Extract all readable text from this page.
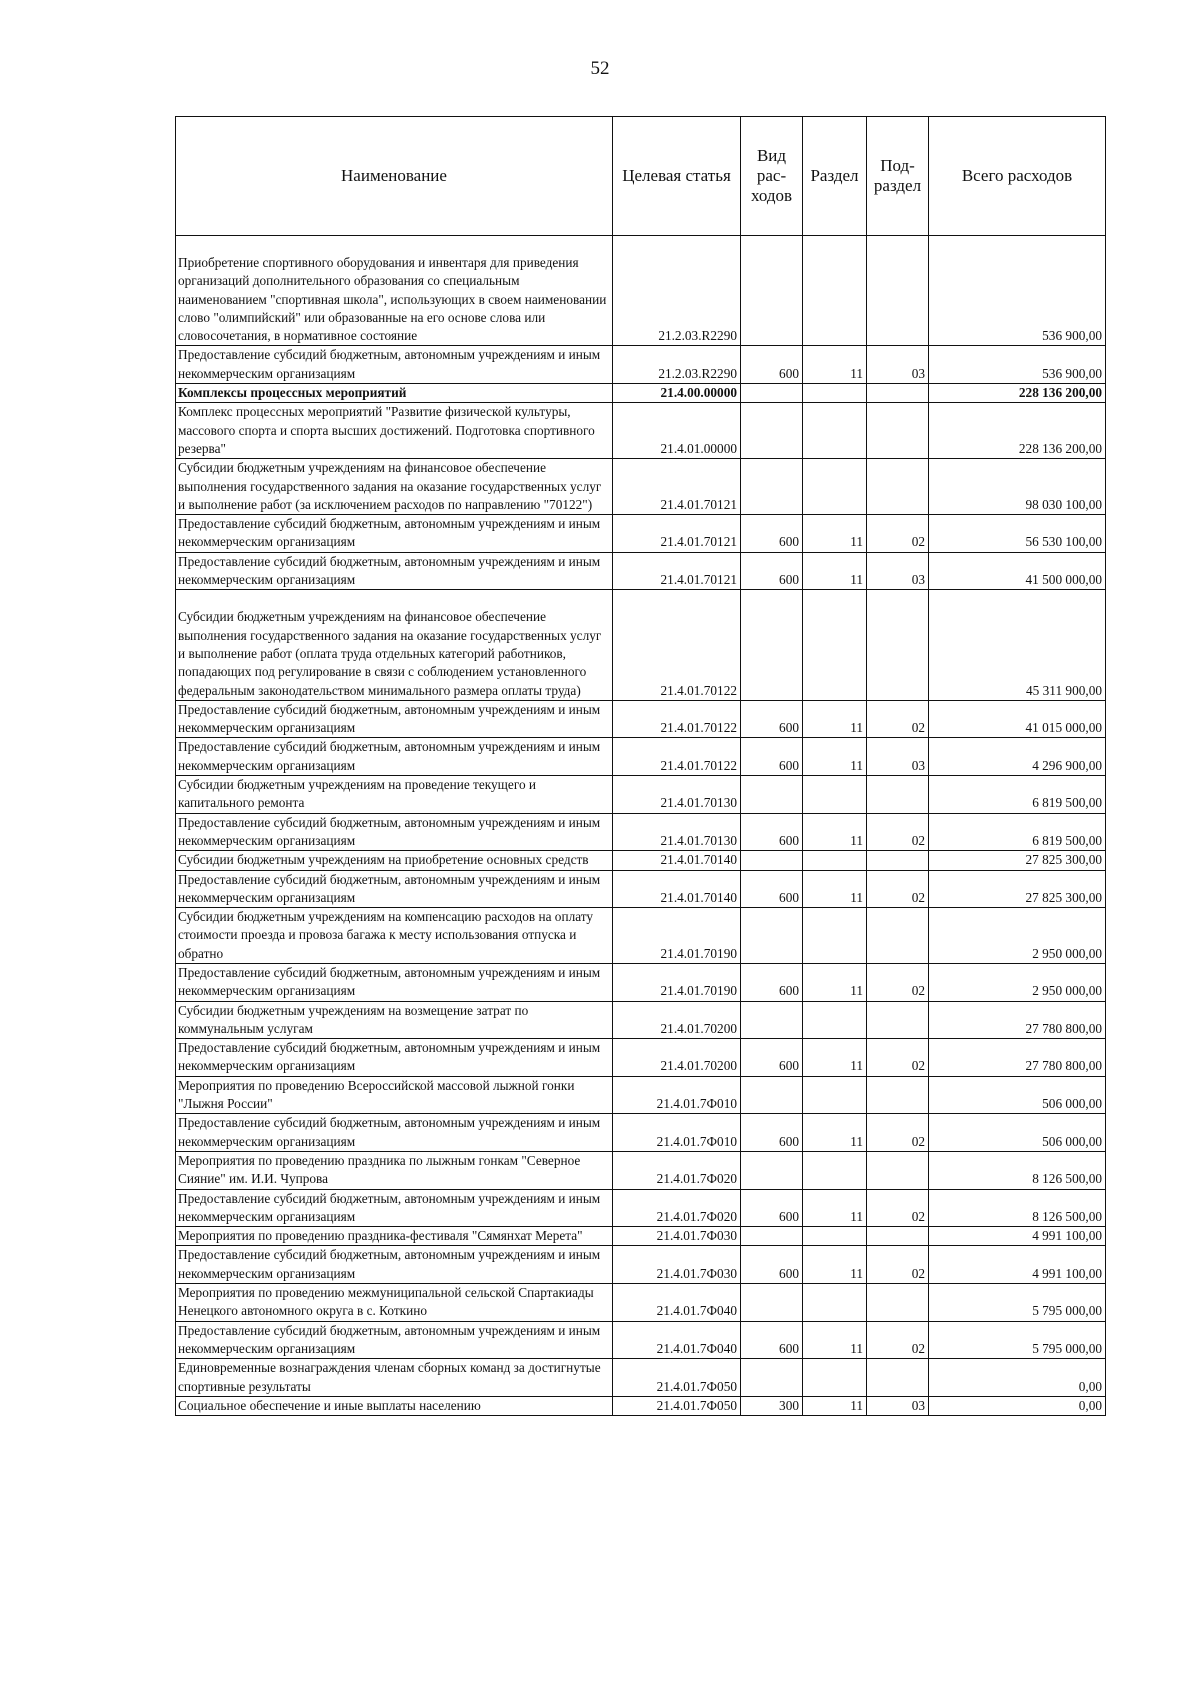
52
Наименование	Целевая статья	Вид рас-ходов	Раздел	Под-раздел	Всего расходов
Приобретение спортивного оборудования и инвентаря для приведения организаций дополнительного образования со специальным наименованием "спортивная школа", использующих в своем наименовании слово "олимпийский" или образованные на его основе слова или словосочетания, в нормативное состояние	21.2.03.R2290				536 900,00
Предоставление субсидий бюджетным, автономным учреждениям и иным некоммерческим организациям	21.2.03.R2290	600	11	03	536 900,00
Комплексы процессных мероприятий	21.4.00.00000				228 136 200,00
Комплекс процессных мероприятий "Развитие физической культуры, массового спорта и спорта высших достижений. Подготовка спортивного резерва"	21.4.01.00000				228 136 200,00
Субсидии бюджетным учреждениям на финансовое обеспечение выполнения государственного задания на оказание государственных услуг и выполнение работ (за исключением расходов по направлению "70122")	21.4.01.70121				98 030 100,00
Предоставление субсидий бюджетным, автономным учреждениям и иным некоммерческим организациям	21.4.01.70121	600	11	02	56 530 100,00
Предоставление субсидий бюджетным, автономным учреждениям и иным некоммерческим организациям	21.4.01.70121	600	11	03	41 500 000,00
Субсидии бюджетным учреждениям на финансовое обеспечение выполнения государственного задания на оказание государственных услуг и выполнение работ (оплата труда отдельных категорий работников, попадающих под регулирование в связи с соблюдением установленного федеральным законодательством минимального размера оплаты труда)	21.4.01.70122				45 311 900,00
Предоставление субсидий бюджетным, автономным учреждениям и иным некоммерческим организациям	21.4.01.70122	600	11	02	41 015 000,00
Предоставление субсидий бюджетным, автономным учреждениям и иным некоммерческим организациям	21.4.01.70122	600	11	03	4 296 900,00
Субсидии бюджетным учреждениям на проведение текущего и капитального ремонта	21.4.01.70130				6 819 500,00
Предоставление субсидий бюджетным, автономным учреждениям и иным некоммерческим организациям	21.4.01.70130	600	11	02	6 819 500,00
Субсидии бюджетным учреждениям на приобретение основных средств	21.4.01.70140				27 825 300,00
Предоставление субсидий бюджетным, автономным учреждениям и иным некоммерческим организациям	21.4.01.70140	600	11	02	27 825 300,00
Субсидии бюджетным учреждениям на компенсацию расходов на оплату стоимости проезда и провоза багажа к месту использования отпуска и обратно	21.4.01.70190				2 950 000,00
Предоставление субсидий бюджетным, автономным учреждениям и иным некоммерческим организациям	21.4.01.70190	600	11	02	2 950 000,00
Субсидии бюджетным учреждениям на возмещение затрат по коммунальным услугам	21.4.01.70200				27 780 800,00
Предоставление субсидий бюджетным, автономным учреждениям и иным некоммерческим организациям	21.4.01.70200	600	11	02	27 780 800,00
Мероприятия по проведению Всероссийской массовой лыжной гонки "Лыжня России"	21.4.01.7Ф010				506 000,00
Предоставление субсидий бюджетным, автономным учреждениям и иным некоммерческим организациям	21.4.01.7Ф010	600	11	02	506 000,00
Мероприятия по проведению праздника по лыжным гонкам "Северное Сияние" им. И.И. Чупрова	21.4.01.7Ф020				8 126 500,00
Предоставление субсидий бюджетным, автономным учреждениям и иным некоммерческим организациям	21.4.01.7Ф020	600	11	02	8 126 500,00
Мероприятия по проведению праздника-фестиваля "Сямянхат Мерета"	21.4.01.7Ф030				4 991 100,00
Предоставление субсидий бюджетным, автономным учреждениям и иным некоммерческим организациям	21.4.01.7Ф030	600	11	02	4 991 100,00
Мероприятия по проведению межмуниципальной сельской Спартакиады Ненецкого автономного округа в с. Коткино	21.4.01.7Ф040				5 795 000,00
Предоставление субсидий бюджетным, автономным учреждениям и иным некоммерческим организациям	21.4.01.7Ф040	600	11	02	5 795 000,00
Единовременные вознаграждения членам сборных команд за достигнутые спортивные результаты	21.4.01.7Ф050				0,00
Социальное обеспечение и иные выплаты населению	21.4.01.7Ф050	300	11	03	0,00
